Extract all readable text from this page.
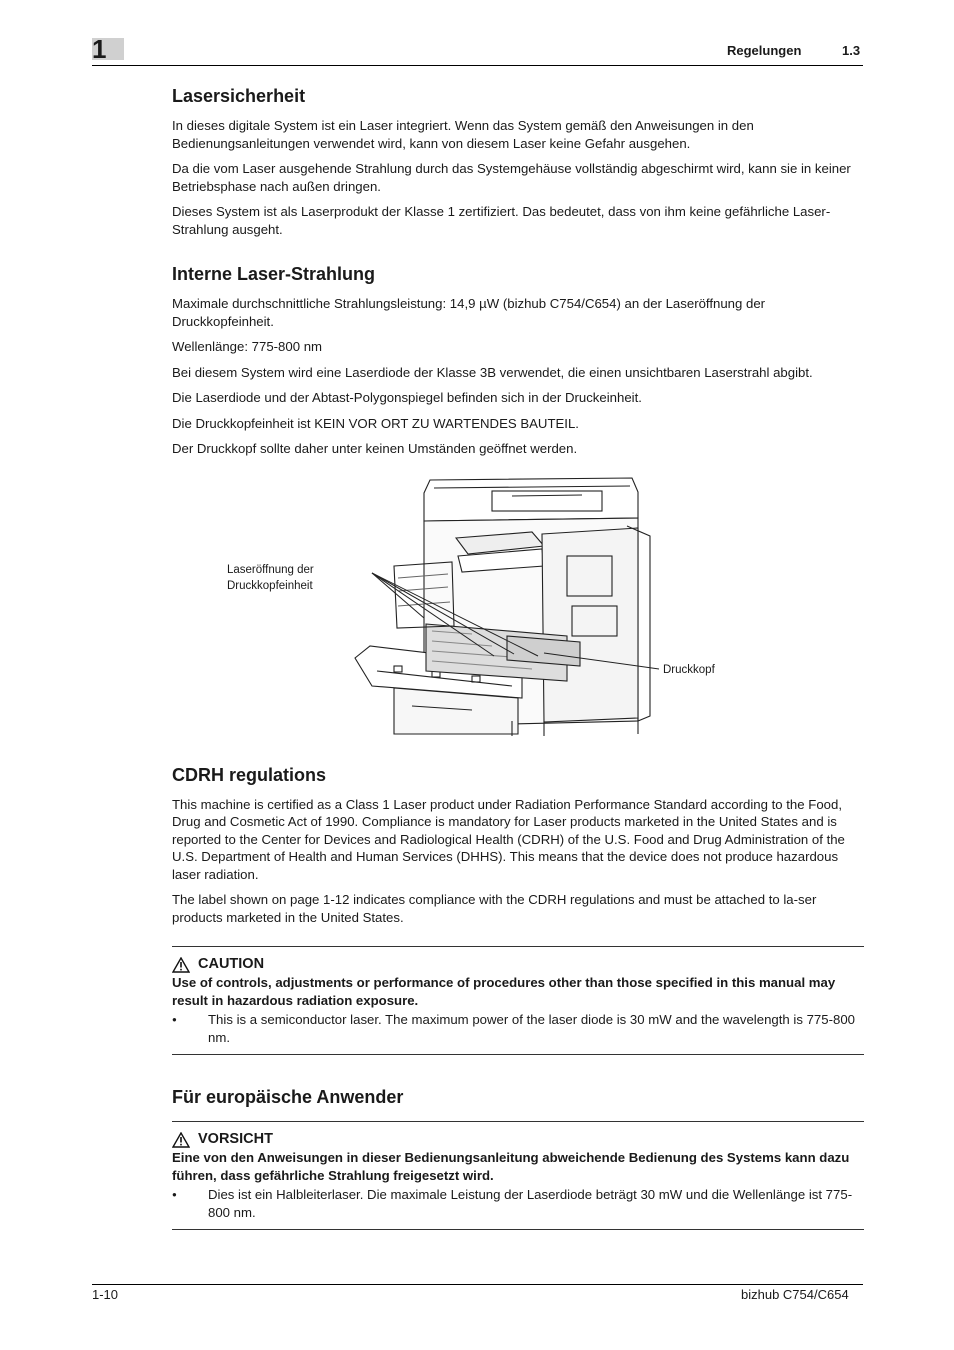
1	Regelungen	1.3
Lasersicherheit

In dieses digitale System ist ein Laser integriert. Wenn das System gemäß den Anweisungen in den Bedienungsanleitungen verwendet wird, kann von diesem Laser keine Gefahr ausgehen.

Da die vom Laser ausgehende Strahlung durch das Systemgehäuse vollständig abgeschirmt wird, kann sie in keiner Betriebsphase nach außen dringen.

Dieses System ist als Laserprodukt der Klasse 1 zertifiziert. Das bedeutet, dass von ihm keine gefährliche Laser-Strahlung ausgeht.

Interne Laser-Strahlung

Maximale durchschnittliche Strahlungsleistung: 14,9 µW (bizhub C754/C654) an der Laseröffnung der Druckkopfeinheit.

Wellenlänge: 775-800 nm

Bei diesem System wird eine Laserdiode der Klasse 3B verwendet, die einen unsichtbaren Laserstrahl abgibt.

Die Laserdiode und der Abtast-Polygonspiegel befinden sich in der Druckeinheit.

Die Druckkopfeinheit ist KEIN VOR ORT ZU WARTENDES BAUTEIL.

Der Druckkopf sollte daher unter keinen Umständen geöffnet werden.

Laseröffnung der
Druckkopfeinheit
Druckkopf
CDRH regulations

This machine is certified as a Class 1 Laser product under Radiation Performance Standard according to the Food, Drug and Cosmetic Act of 1990. Compliance is mandatory for Laser products marketed in the United States and is reported to the Center for Devices and Radiological Health (CDRH) of the U.S. Food and Drug Administration of the U.S. Department of Health and Human Services (DHHS). This means that the device does not produce hazardous laser radiation.

The label shown on page 1-12 indicates compliance with the CDRH regulations and must be attached to la-ser products marketed in the United States.

CAUTION
Use of controls, adjustments or performance of procedures other than those specified in this manual may result in hazardous radiation exposure.
●	This is a semiconductor laser. The maximum power of the laser diode is 30 mW and the wavelength is 775-800 nm.
Für europäische Anwender
VORSICHT
Eine von den Anweisungen in dieser Bedienungsanleitung abweichende Bedienung des Systems kann dazu führen, dass gefährliche Strahlung freigesetzt wird.
●	Dies ist ein Halbleiterlaser. Die maximale Leistung der Laserdiode beträgt 30 mW und die Wellenlänge ist 775-800 nm.
1-10	bizhub C754/C654
